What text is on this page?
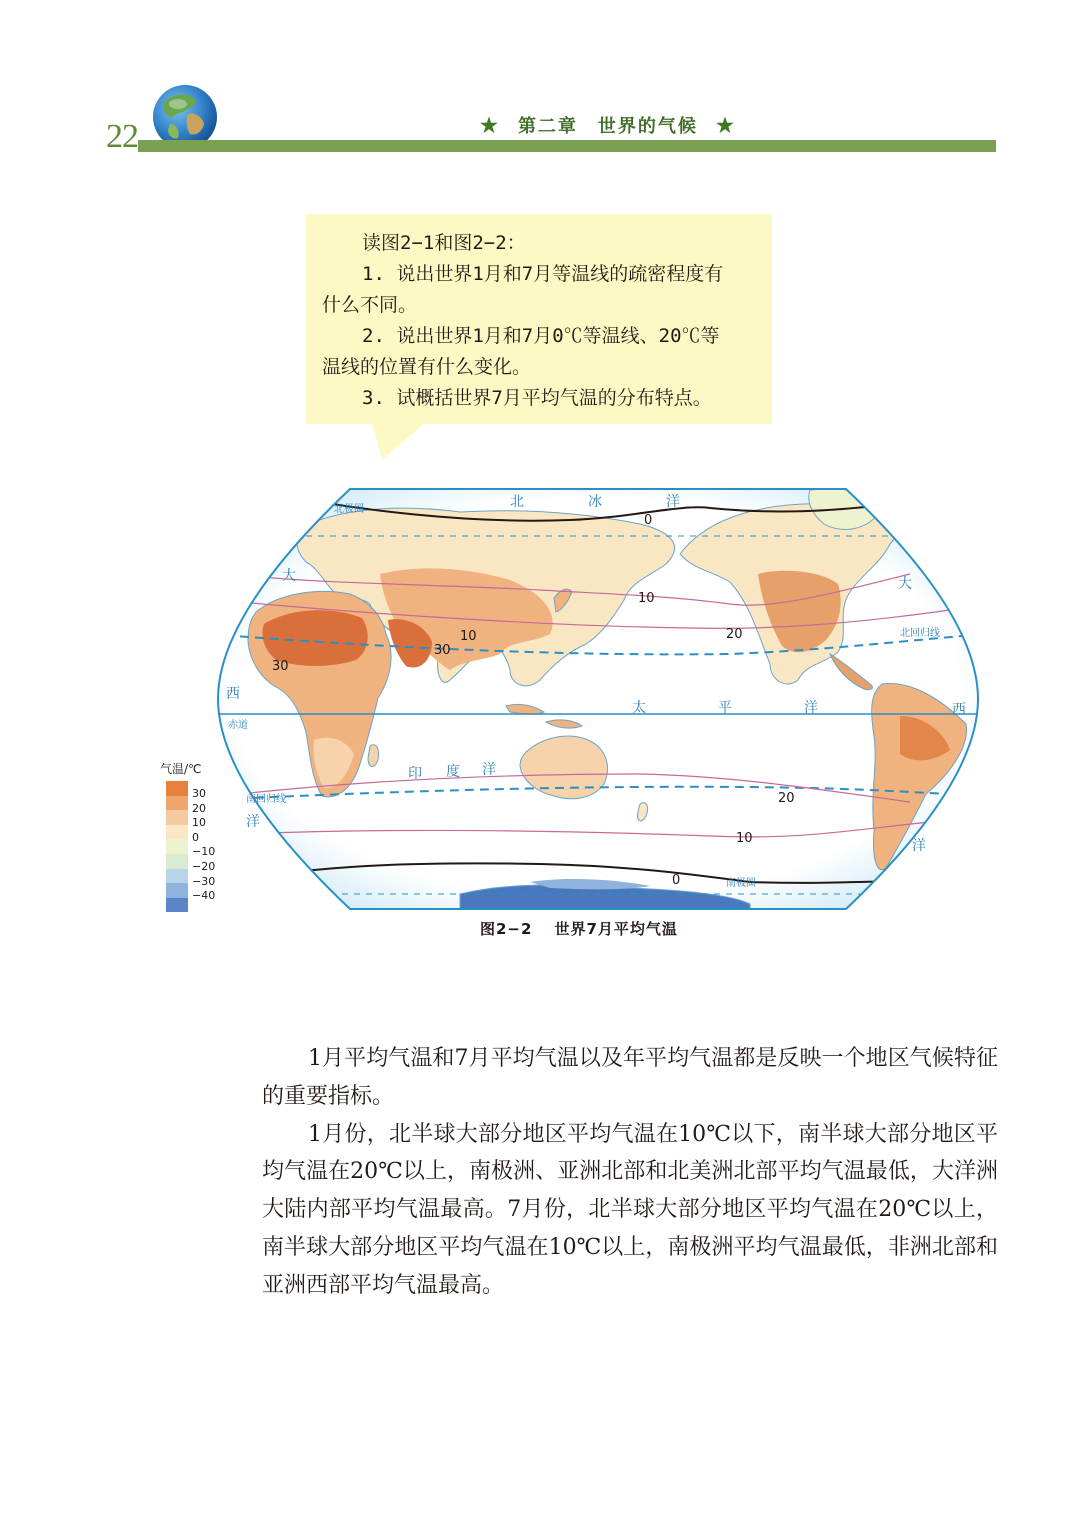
22	★ 第二章　世界的气候 ★
读图2−1和图2−2：
1. 说出世界1月和7月等温线的疏密程度有
什么不同。
2. 说出世界1月和7月0℃等温线、20℃等
温线的位置有什么变化。
3. 试概括世界7月平均气温的分布特点。
北	冰	洋
太	平	洋
大
西
洋
大
西
洋
印 度 洋
北极圈
北回归线
赤道
南回归线
南极圈
0
10
10	20
30
30
20
10
0
气温/℃
30
20
10
0
−10
−20
−30
−40
图2−2 世界7月平均气温

1月平均气温和7月平均气温以及年平均气温都是反映一个地区气候特征的重要指标。

1月份，北半球大部分地区平均气温在10℃以下，南半球大部分地区平均气温在20℃以上，南极洲、亚洲北部和北美洲北部平均气温最低，大洋洲大陆内部平均气温最高。7月份，北半球大部分地区平均气温在20℃以上，南半球大部分地区平均气温在10℃以上，南极洲平均气温最低，非洲北部和亚洲西部平均气温最高。
